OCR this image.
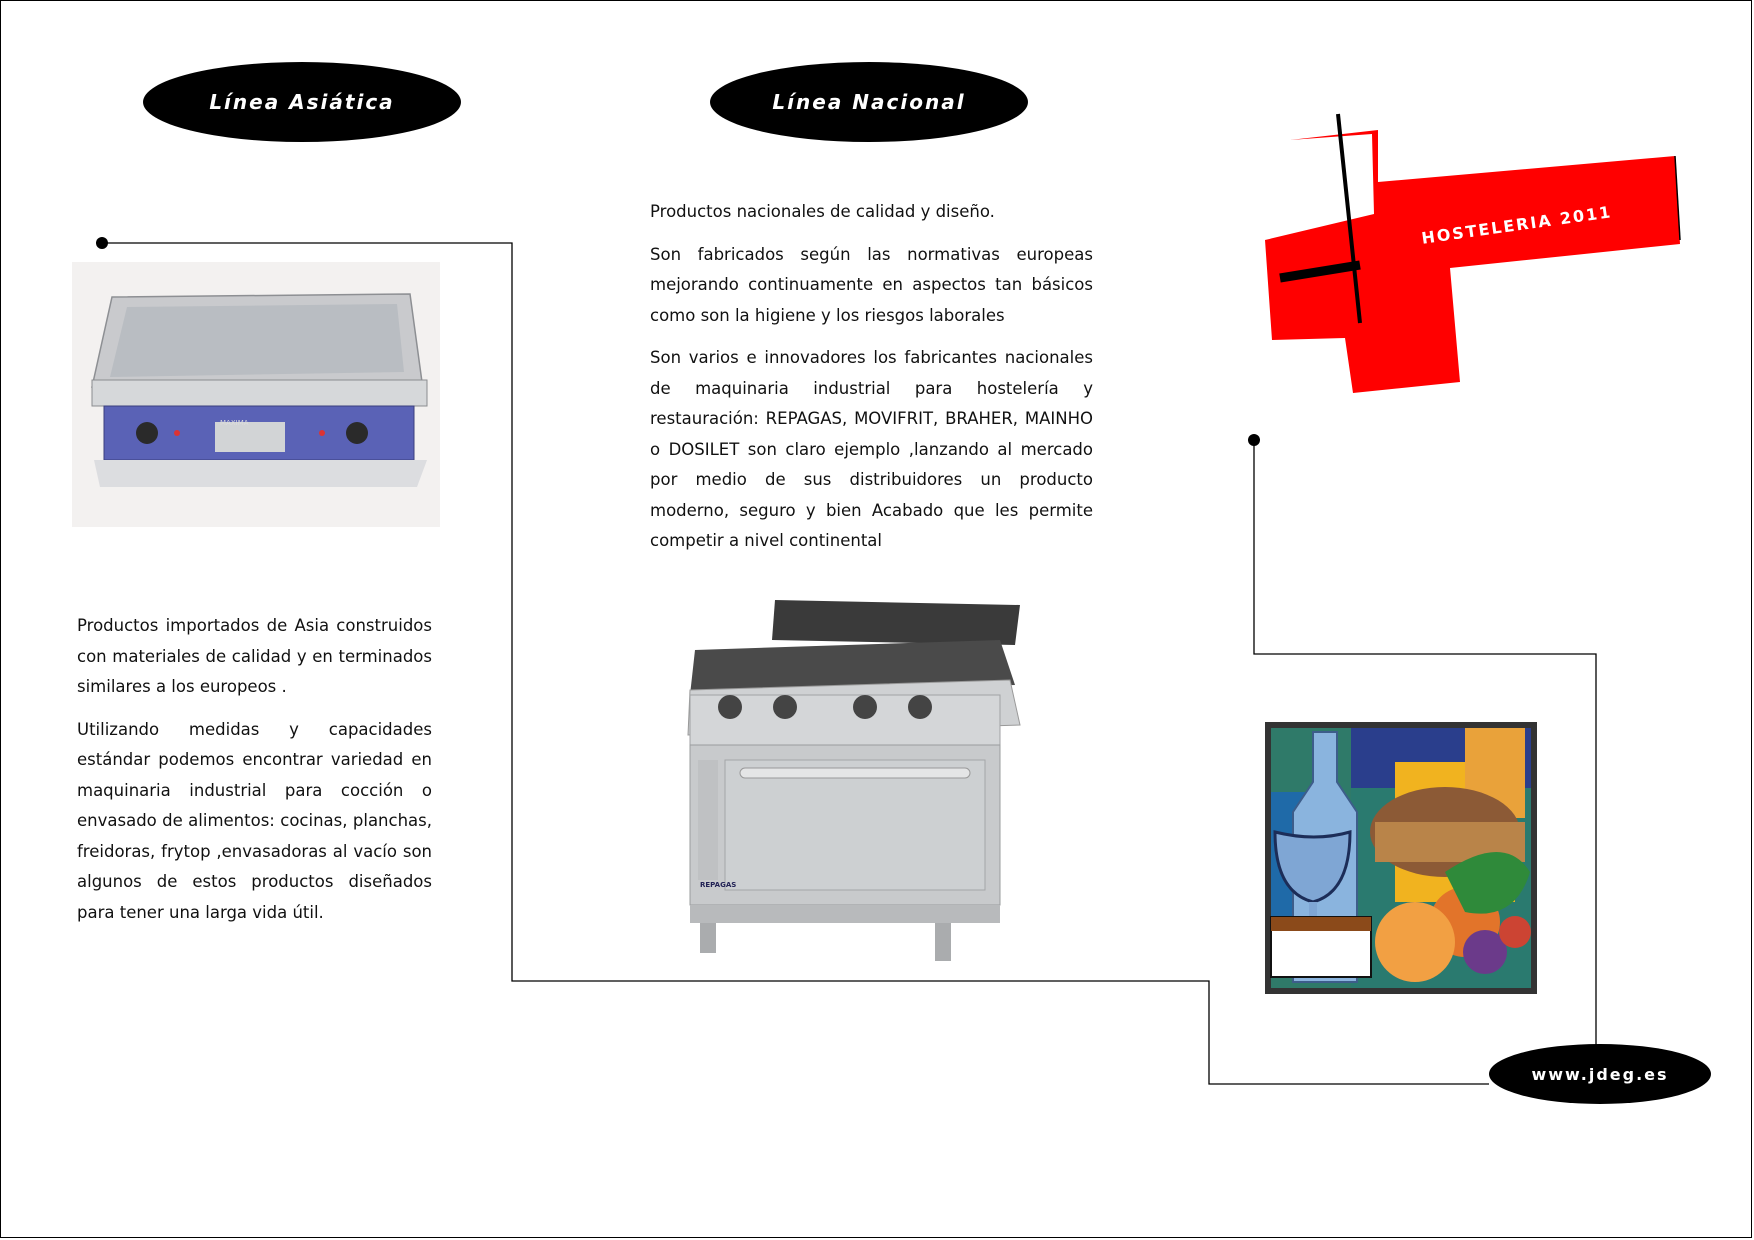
Línea Asiática	Línea Nacional
www.jdeg.es
MAXIMA

Productos importados de Asia construidos con materiales de calidad y en terminados similares a los europeos .

Utilizando medidas y capacidades estándar podemos encontrar variedad en maquinaria industrial para cocción o envasado de alimentos: cocinas, planchas, freidoras, frytop ,envasadoras al vacío son algunos de estos productos diseñados para tener una larga vida útil.

Productos nacionales de calidad y diseño.

Son fabricados según las normativas europeas mejorando continuamente en aspectos tan básicos como son la higiene y los riesgos laborales

Son varios e innovadores los fabricantes nacionales de maquinaria industrial para hostelería y restauración: REPAGAS, MOVIFRIT, BRAHER, MAINHO o DOSILET son claro ejemplo ,lanzando al mercado por medio de sus distribuidores un producto moderno, seguro y bien Acabado que les permite competir a nivel continental

REPAGAS
HOSTELERIA 2011
